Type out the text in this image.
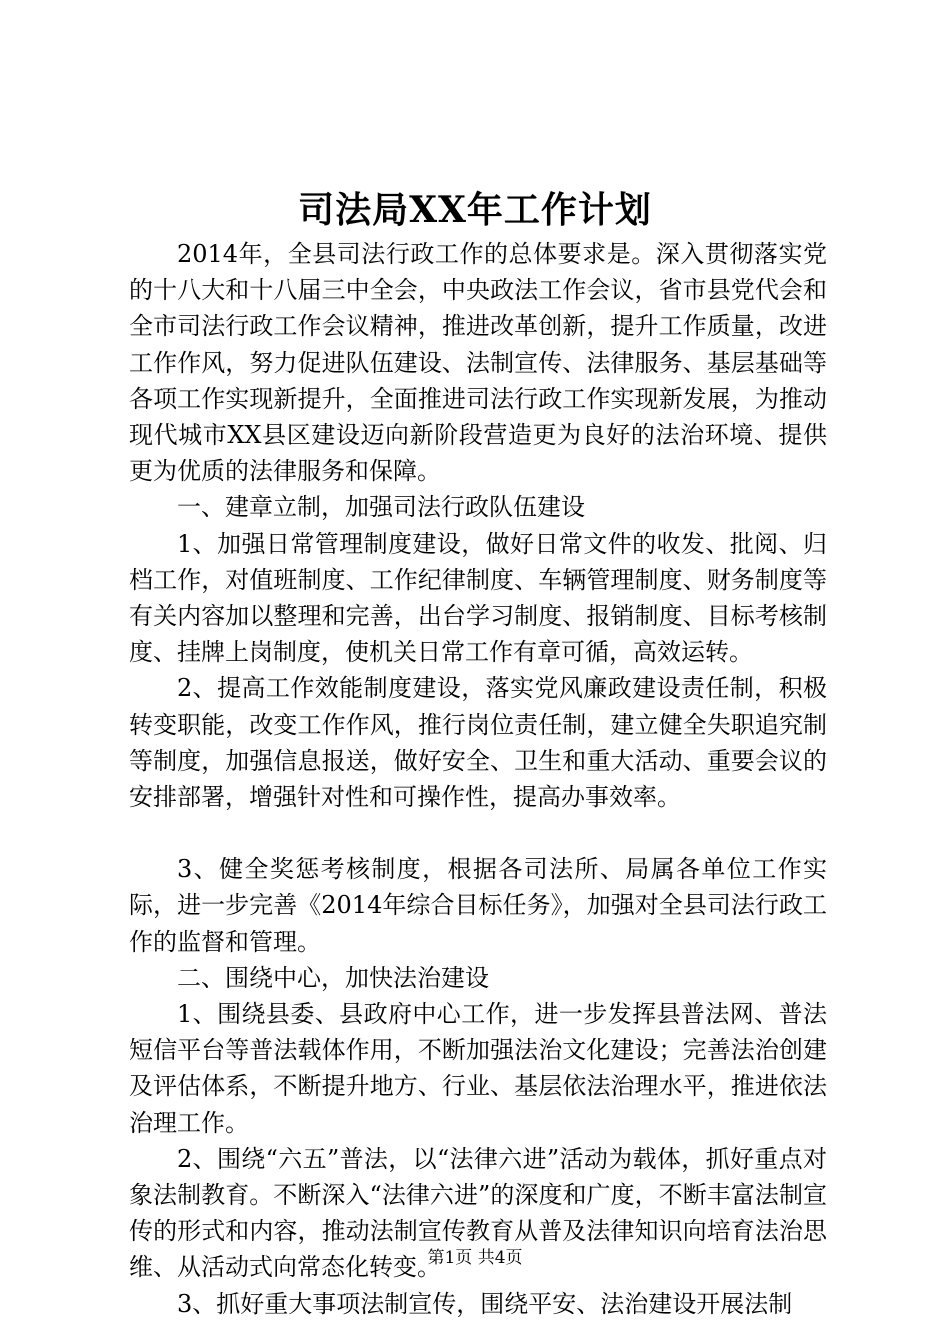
司法局XX年工作计划

2014年，全县司法行政工作的总体要求是。深入贯彻落实党的十八大和十八届三中全会，中央政法工作会议，省市县党代会和全市司法行政工作会议精神，推进改革创新，提升工作质量，改进工作作风，努力促进队伍建设、法制宣传、法律服务、基层基础等各项工作实现新提升，全面推进司法行政工作实现新发展，为推动现代城市XX县区建设迈向新阶段营造更为良好的法治环境、提供更为优质的法律服务和保障。

一、建章立制，加强司法行政队伍建设

1、加强日常管理制度建设，做好日常文件的收发、批阅、归档工作，对值班制度、工作纪律制度、车辆管理制度、财务制度等有关内容加以整理和完善，出台学习制度、报销制度、目标考核制度、挂牌上岗制度，使机关日常工作有章可循，高效运转。

2、提高工作效能制度建设，落实党风廉政建设责任制，积极转变职能，改变工作作风，推行岗位责任制，建立健全失职追究制等制度，加强信息报送，做好安全、卫生和重大活动、重要会议的安排部署，增强针对性和可操作性，提高办事效率。

3、健全奖惩考核制度，根据各司法所、局属各单位工作实际，进一步完善《2014年综合目标任务》，加强对全县司法行政工作的监督和管理。

二、围绕中心，加快法治建设

1、围绕县委、县政府中心工作，进一步发挥县普法网、普法短信平台等普法载体作用，不断加强法治文化建设；完善法治创建及评估体系，不断提升地方、行业、基层依法治理水平，推进依法治理工作。

2、围绕“六五”普法，以“法律六进”活动为载体，抓好重点对象法制教育。不断深入“法律六进”的深度和广度，不断丰富法制宣传的形式和内容，推动法制宣传教育从普及法律知识向培育法治思维、从活动式向常态化转变。

3、抓好重大事项法制宣传，围绕平安、法治建设开展法制

第1页 共4页
